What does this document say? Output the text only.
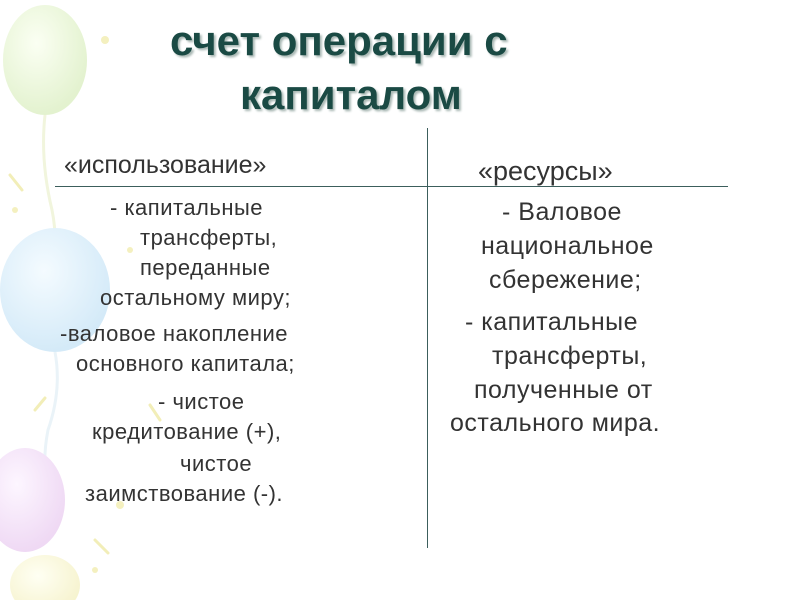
счет операции с
капиталом
«использование»	«ресурсы»
- капитальные
трансферты,
переданные
остальному миру;
-валовое накопление
основного капитала;
- чистое
кредитование (+),
чистое
заимствование (-).
- Валовое
национальное
сбережение;
- капитальные
трансферты,
полученные от
остального мира.
